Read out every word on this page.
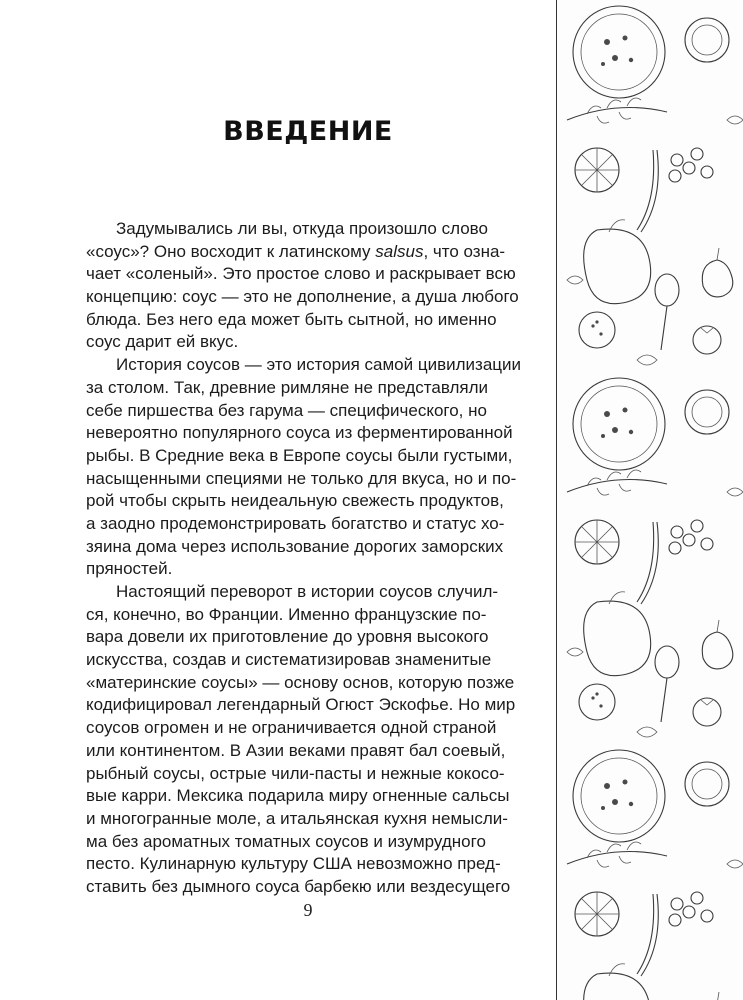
ВВЕДЕНИЕ
Задумывались ли вы, откуда произошло слово
«соус»? Оно восходит к латинскому salsus, что озна-
чает «соленый». Это простое слово и раскрывает всю
концепцию: соус — это не дополнение, а душа любого
блюда. Без него еда может быть сытной, но именно
соус дарит ей вкус.
История соусов — это история самой цивилизации
за столом. Так, древние римляне не представляли
себе пиршества без гарума — специфического, но
невероятно популярного соуса из ферментированной
рыбы. В Средние века в Европе соусы были густыми,
насыщенными специями не только для вкуса, но и по-
рой чтобы скрыть неидеальную свежесть продуктов,
а заодно продемонстрировать богатство и статус хо-
зяина дома через использование дорогих заморских
пряностей.
Настоящий переворот в истории соусов случил-
ся, конечно, во Франции. Именно французские по-
вара довели их приготовление до уровня высокого
искусства, создав и систематизировав знаменитые
«материнские соусы» — основу основ, которую позже
кодифицировал легендарный Огюст Эскофье. Но мир
соусов огромен и не ограничивается одной страной
или континентом. В Азии веками правят бал соевый,
рыбный соусы, острые чили-пасты и нежные кокосо-
вые карри. Мексика подарила миру огненные сальсы
и многогранные моле, а итальянская кухня немысли-
ма без ароматных томатных соусов и изумрудного
песто. Кулинарную культуру США невозможно пред-
ставить без дымного соуса барбекю или вездесущего
9
